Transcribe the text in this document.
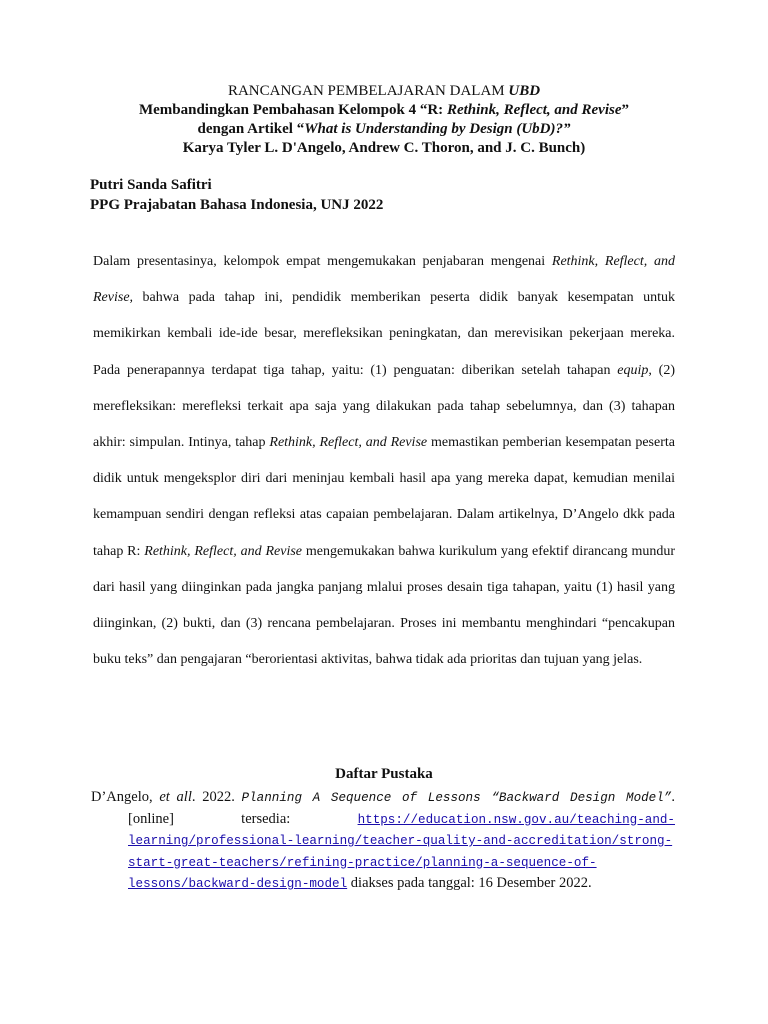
RANCANGAN PEMBELAJARAN DALAM UBD
Membandingkan Pembahasan Kelompok 4 “R: Rethink, Reflect, and Revise”
dengan Artikel “What is Understanding by Design (UbD)?”
Karya Tyler L. D'Angelo, Andrew C. Thoron, and J. C. Bunch)
Putri Sanda Safitri
PPG Prajabatan Bahasa Indonesia, UNJ 2022
Dalam presentasinya, kelompok empat mengemukakan penjabaran mengenai Rethink, Reflect, and Revise, bahwa pada tahap ini, pendidik memberikan peserta didik banyak kesempatan untuk memikirkan kembali ide-ide besar, merefleksikan peningkatan, dan merevisikan pekerjaan mereka. Pada penerapannya terdapat tiga tahap, yaitu: (1) penguatan: diberikan setelah tahapan equip, (2) merefleksikan: merefleksi terkait apa saja yang dilakukan pada tahap sebelumnya, dan (3) tahapan akhir: simpulan. Intinya, tahap Rethink, Reflect, and Revise memastikan pemberian kesempatan peserta didik untuk mengeksplor diri dari meninjau kembali hasil apa yang mereka dapat, kemudian menilai kemampuan sendiri dengan refleksi atas capaian pembelajaran. Dalam artikelnya, D’Angelo dkk pada tahap R: Rethink, Reflect, and Revise mengemukakan bahwa kurikulum yang efektif dirancang mundur dari hasil yang diinginkan pada jangka panjang mlalui proses desain tiga tahapan, yaitu (1) hasil yang diinginkan, (2) bukti, dan (3) rencana pembelajaran. Proses ini membantu menghindari “pencakupan buku teks” dan pengajaran “berorientasi aktivitas, bahwa tidak ada prioritas dan tujuan yang jelas.
Daftar Pustaka
D’Angelo, et all. 2022. Planning A Sequence of Lessons “Backward Design Model”. [online] tersedia: https://education.nsw.gov.au/teaching-and-learning/professional-learning/teacher-quality-and-accreditation/strong-start-great-teachers/refining-practice/planning-a-sequence-of-lessons/backward-design-model diakses pada tanggal: 16 Desember 2022.
